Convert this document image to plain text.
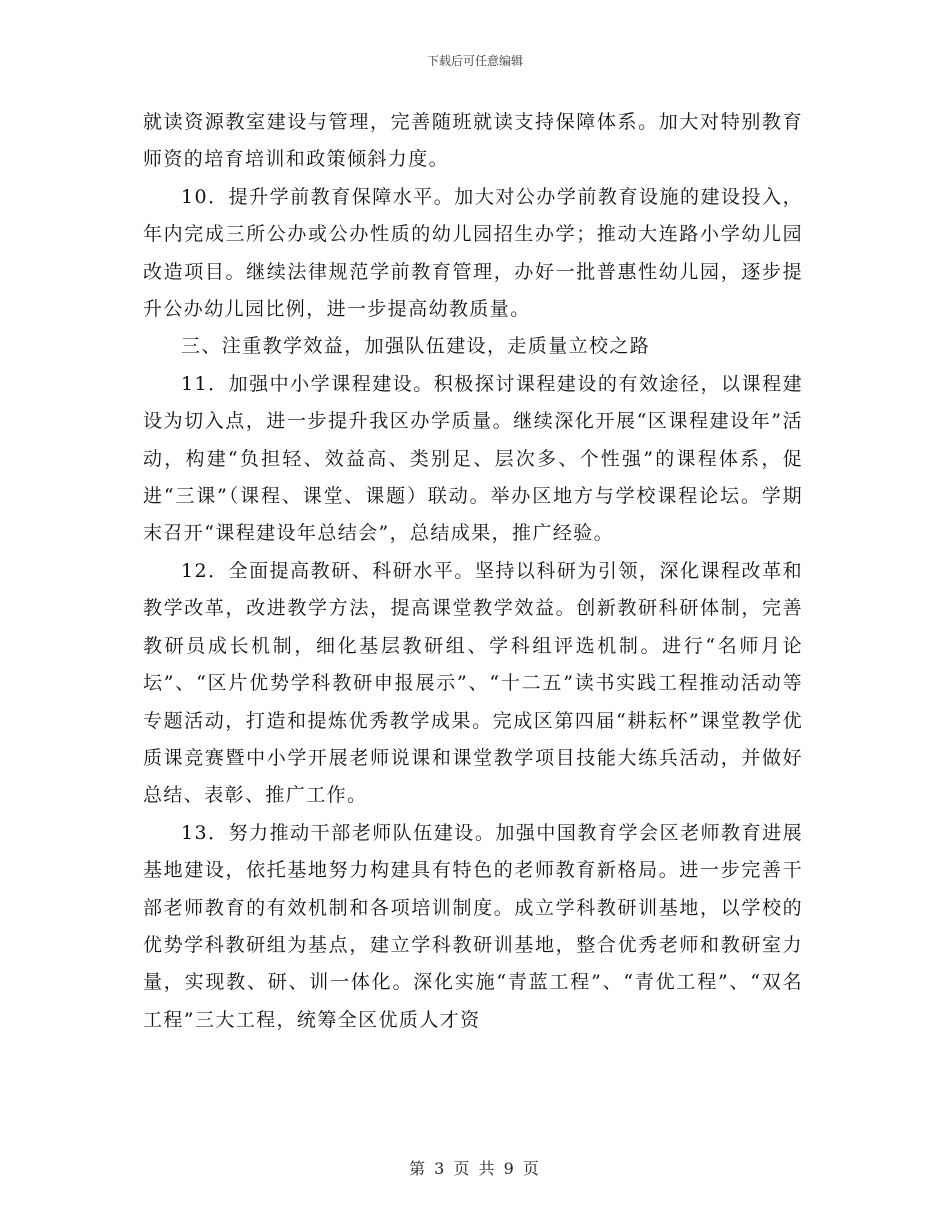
下载后可任意编辑

就读资源教室建设与管理，完善随班就读支持保障体系。加大对特别教育师资的培育培训和政策倾斜力度。

10．提升学前教育保障水平。加大对公办学前教育设施的建设投入，年内完成三所公办或公办性质的幼儿园招生办学；推动大连路小学幼儿园改造项目。继续法律规范学前教育管理，办好一批普惠性幼儿园，逐步提升公办幼儿园比例，进一步提高幼教质量。

三、注重教学效益，加强队伍建设，走质量立校之路

11．加强中小学课程建设。积极探讨课程建设的有效途径，以课程建设为切入点，进一步提升我区办学质量。继续深化开展“区课程建设年”活动，构建“负担轻、效益高、类别足、层次多、个性强”的课程体系，促进“三课”（课程、课堂、课题）联动。举办区地方与学校课程论坛。学期末召开“课程建设年总结会”，总结成果，推广经验。

12．全面提高教研、科研水平。坚持以科研为引领，深化课程改革和教学改革，改进教学方法，提高课堂教学效益。创新教研科研体制，完善教研员成长机制，细化基层教研组、学科组评选机制。进行“名师月论坛”、“区片优势学科教研申报展示”、“十二五”读书实践工程推动活动等专题活动，打造和提炼优秀教学成果。完成区第四届“耕耘杯”课堂教学优质课竞赛暨中小学开展老师说课和课堂教学项目技能大练兵活动，并做好总结、表彰、推广工作。

13．努力推动干部老师队伍建设。加强中国教育学会区老师教育进展基地建设，依托基地努力构建具有特色的老师教育新格局。进一步完善干部老师教育的有效机制和各项培训制度。成立学科教研训基地，以学校的优势学科教研组为基点，建立学科教研训基地，整合优秀老师和教研室力量，实现教、研、训一体化。深化实施“青蓝工程”、“青优工程”、“双名工程”三大工程，统筹全区优质人才资

第 3 页 共 9 页
